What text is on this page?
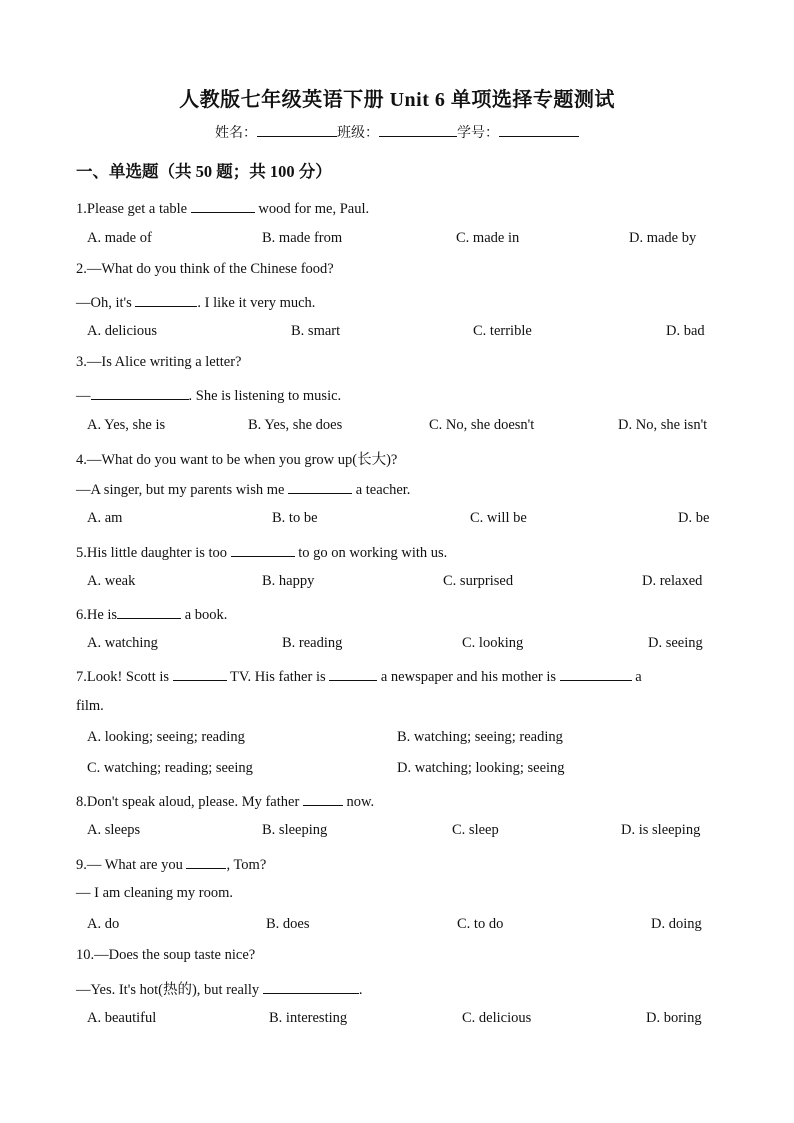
人教版七年级英语下册 Unit 6 单项选择专题测试
姓名：	班级：	学号：
一、单选题（共 50 题；共 100 分）
1.Please get a table	wood for me, Paul.
A. made of	B. made from	C. made in	D. made by
2.—What do you think of the Chinese food?
—Oh, it's	. I like it very much.
A. delicious	B. smart	C. terrible	D. bad
3.—Is Alice writing a letter?
—	. She is listening to music.
A. Yes, she is	B. Yes, she does	C. No, she doesn't	D. No, she isn't
4.—What do you want to be when you grow up(长大)?
—A singer, but my parents wish me	a teacher.
A. am	B. to be	C. will be	D. be
5.His little daughter is too	to go on working with us.
A. weak	B. happy	C. surprised	D. relaxed
6.He is	a book.
A. watching	B. reading	C. looking	D. seeing
7.Look! Scott is	TV. His father is	a newspaper and his mother is	a
film.
A. looking; seeing; reading	B. watching; seeing; reading
C. watching; reading; seeing	D. watching; looking; seeing
8.Don't speak aloud, please. My father	now.
A. sleeps	B. sleeping	C. sleep	D. is sleeping
9.— What are you	, Tom?
— I am cleaning my room.
A. do	B. does	C. to do	D. doing
10.—Does the soup taste nice?
—Yes. It's hot(热的), but really	.
A. beautiful	B. interesting	C. delicious	D. boring
